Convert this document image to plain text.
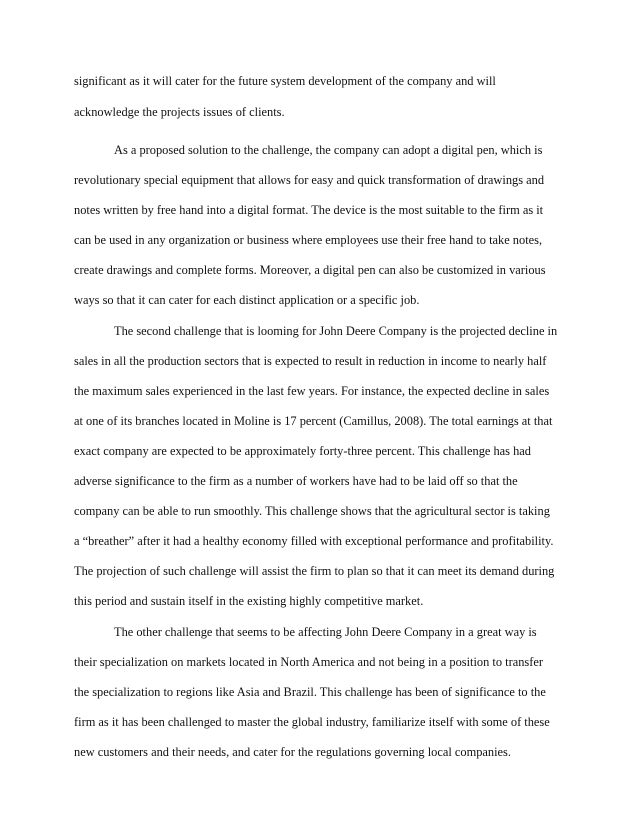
significant as it will cater for the future system development of the company and will
acknowledge the projects issues of clients.
As a proposed solution to the challenge, the company can adopt a digital pen, which is
revolutionary special equipment that allows for easy and quick transformation of drawings and
notes written by free hand into a digital format. The device is the most suitable to the firm as it
can be used in any organization or business where employees use their free hand to take notes,
create drawings and complete forms. Moreover, a digital pen can also be customized in various
ways so that it can cater for each distinct application or a specific job.
The second challenge that is looming for John Deere Company is the projected decline in
sales in all the production sectors that is expected to result in reduction in income to nearly half
the maximum sales experienced in the last few years. For instance, the expected decline in sales
at one of its branches located in Moline is 17 percent (Camillus, 2008). The total earnings at that
exact company are expected to be approximately forty-three percent. This challenge has had
adverse significance to the firm as a number of workers have had to be laid off so that the
company can be able to run smoothly. This challenge shows that the agricultural sector is taking
a “breather” after it had a healthy economy filled with exceptional performance and profitability.
The projection of such challenge will assist the firm to plan so that it can meet its demand during
this period and sustain itself in the existing highly competitive market.
The other challenge that seems to be affecting John Deere Company in a great way is
their specialization on markets located in North America and not being in a position to transfer
the specialization to regions like Asia and Brazil. This challenge has been of significance to the
firm as it has been challenged to master the global industry, familiarize itself with some of these
new customers and their needs, and cater for the regulations governing local companies.
